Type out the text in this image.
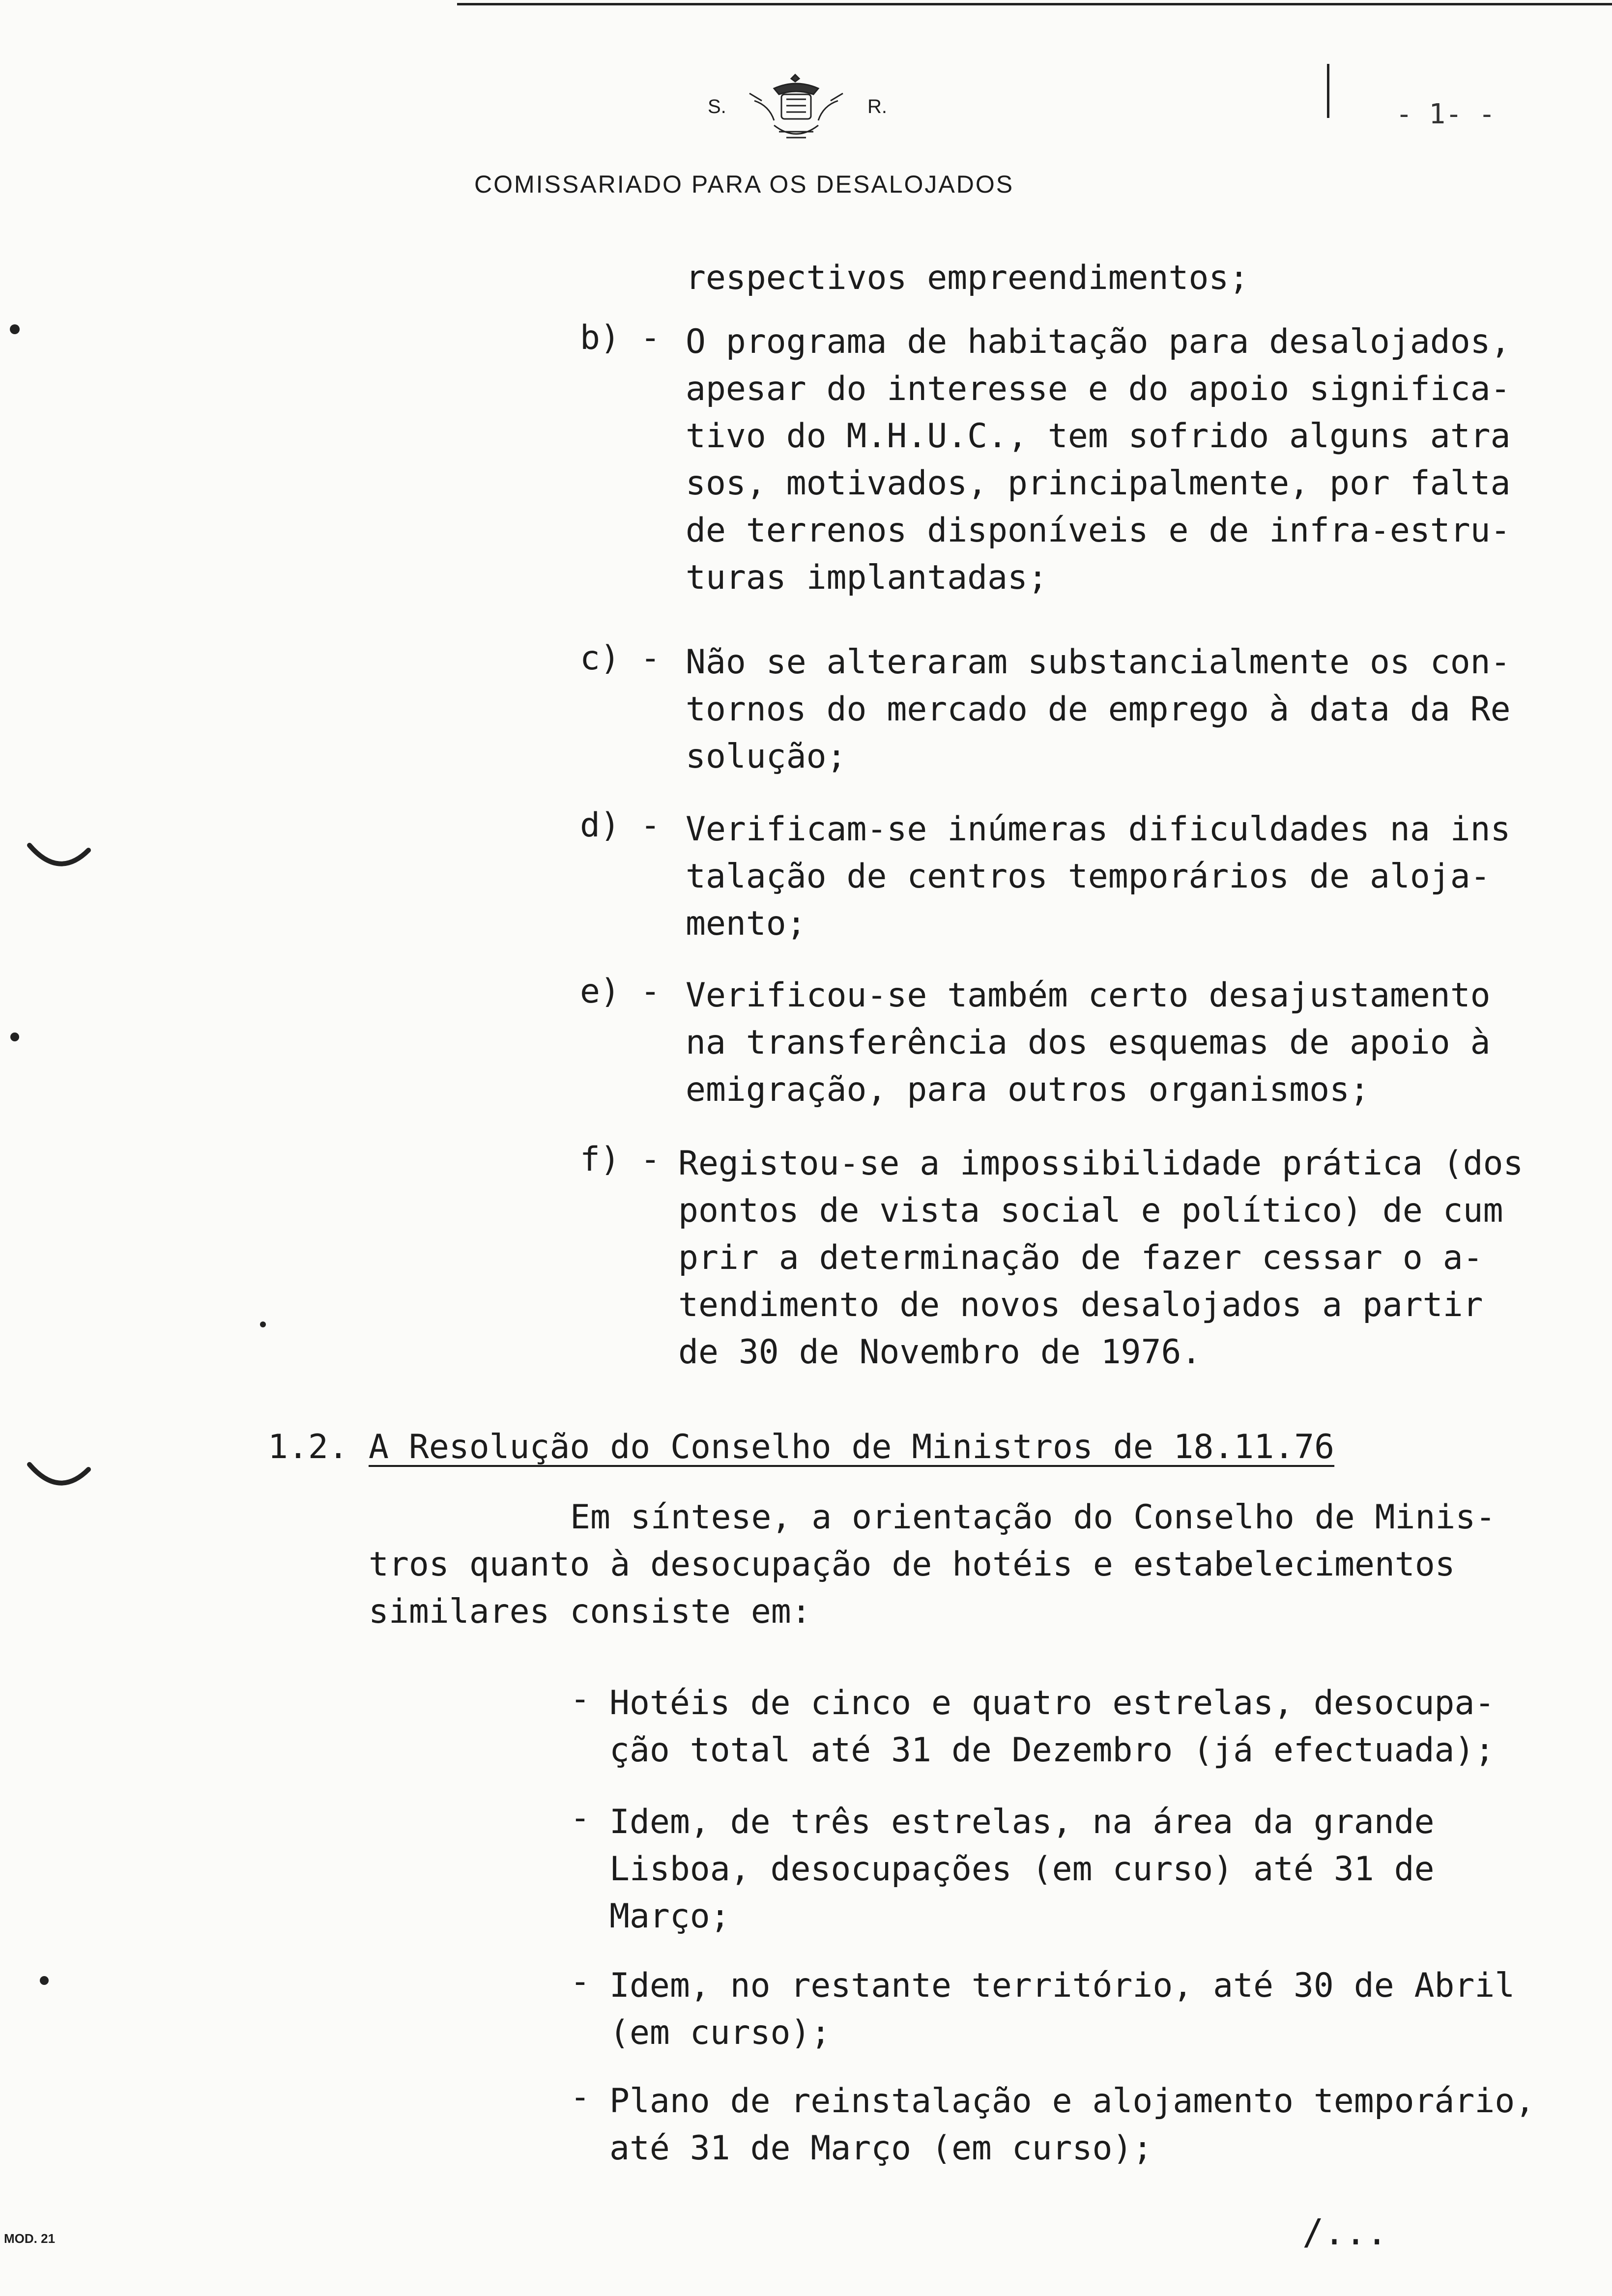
S.	R.	- 1- -
COMISSARIADO PARA OS DESALOJADOS
respectivos empreendimentos;
b) - O programa de habitação para desalojados,
apesar do interesse e do apoio significa-
tivo do M.H.U.C., tem sofrido alguns atra
sos, motivados, principalmente, por falta
de terrenos disponíveis e de infra-estru-
turas implantadas;
c) - Não se alteraram substancialmente os con-
tornos do mercado de emprego à data da Re
solução;
d) - Verificam-se inúmeras dificuldades na ins
talação de centros temporários de aloja-
mento;
e) - Verificou-se também certo desajustamento
na transferência dos esquemas de apoio à
emigração, para outros organismos;
f) - Registou-se a impossibilidade prática (dos
pontos de vista social e político) de cum
prir a determinação de fazer cessar o a-
tendimento de novos desalojados a partir
de 30 de Novembro de 1976.
1.2. A Resolução do Conselho de Ministros de 18.11.76
Em síntese, a orientação do Conselho de Minis-
tros quanto à desocupação de hotéis e estabelecimentos
similares consiste em:
- Hotéis de cinco e quatro estrelas, desocupa-
ção total até 31 de Dezembro (já efectuada);
- Idem, de três estrelas, na área da grande
Lisboa, desocupações (em curso) até 31 de
Março;
- Idem, no restante território, até 30 de Abril
(em curso);
- Plano de reinstalação e alojamento temporário,
até 31 de Março (em curso);
MOD. 21	/...
